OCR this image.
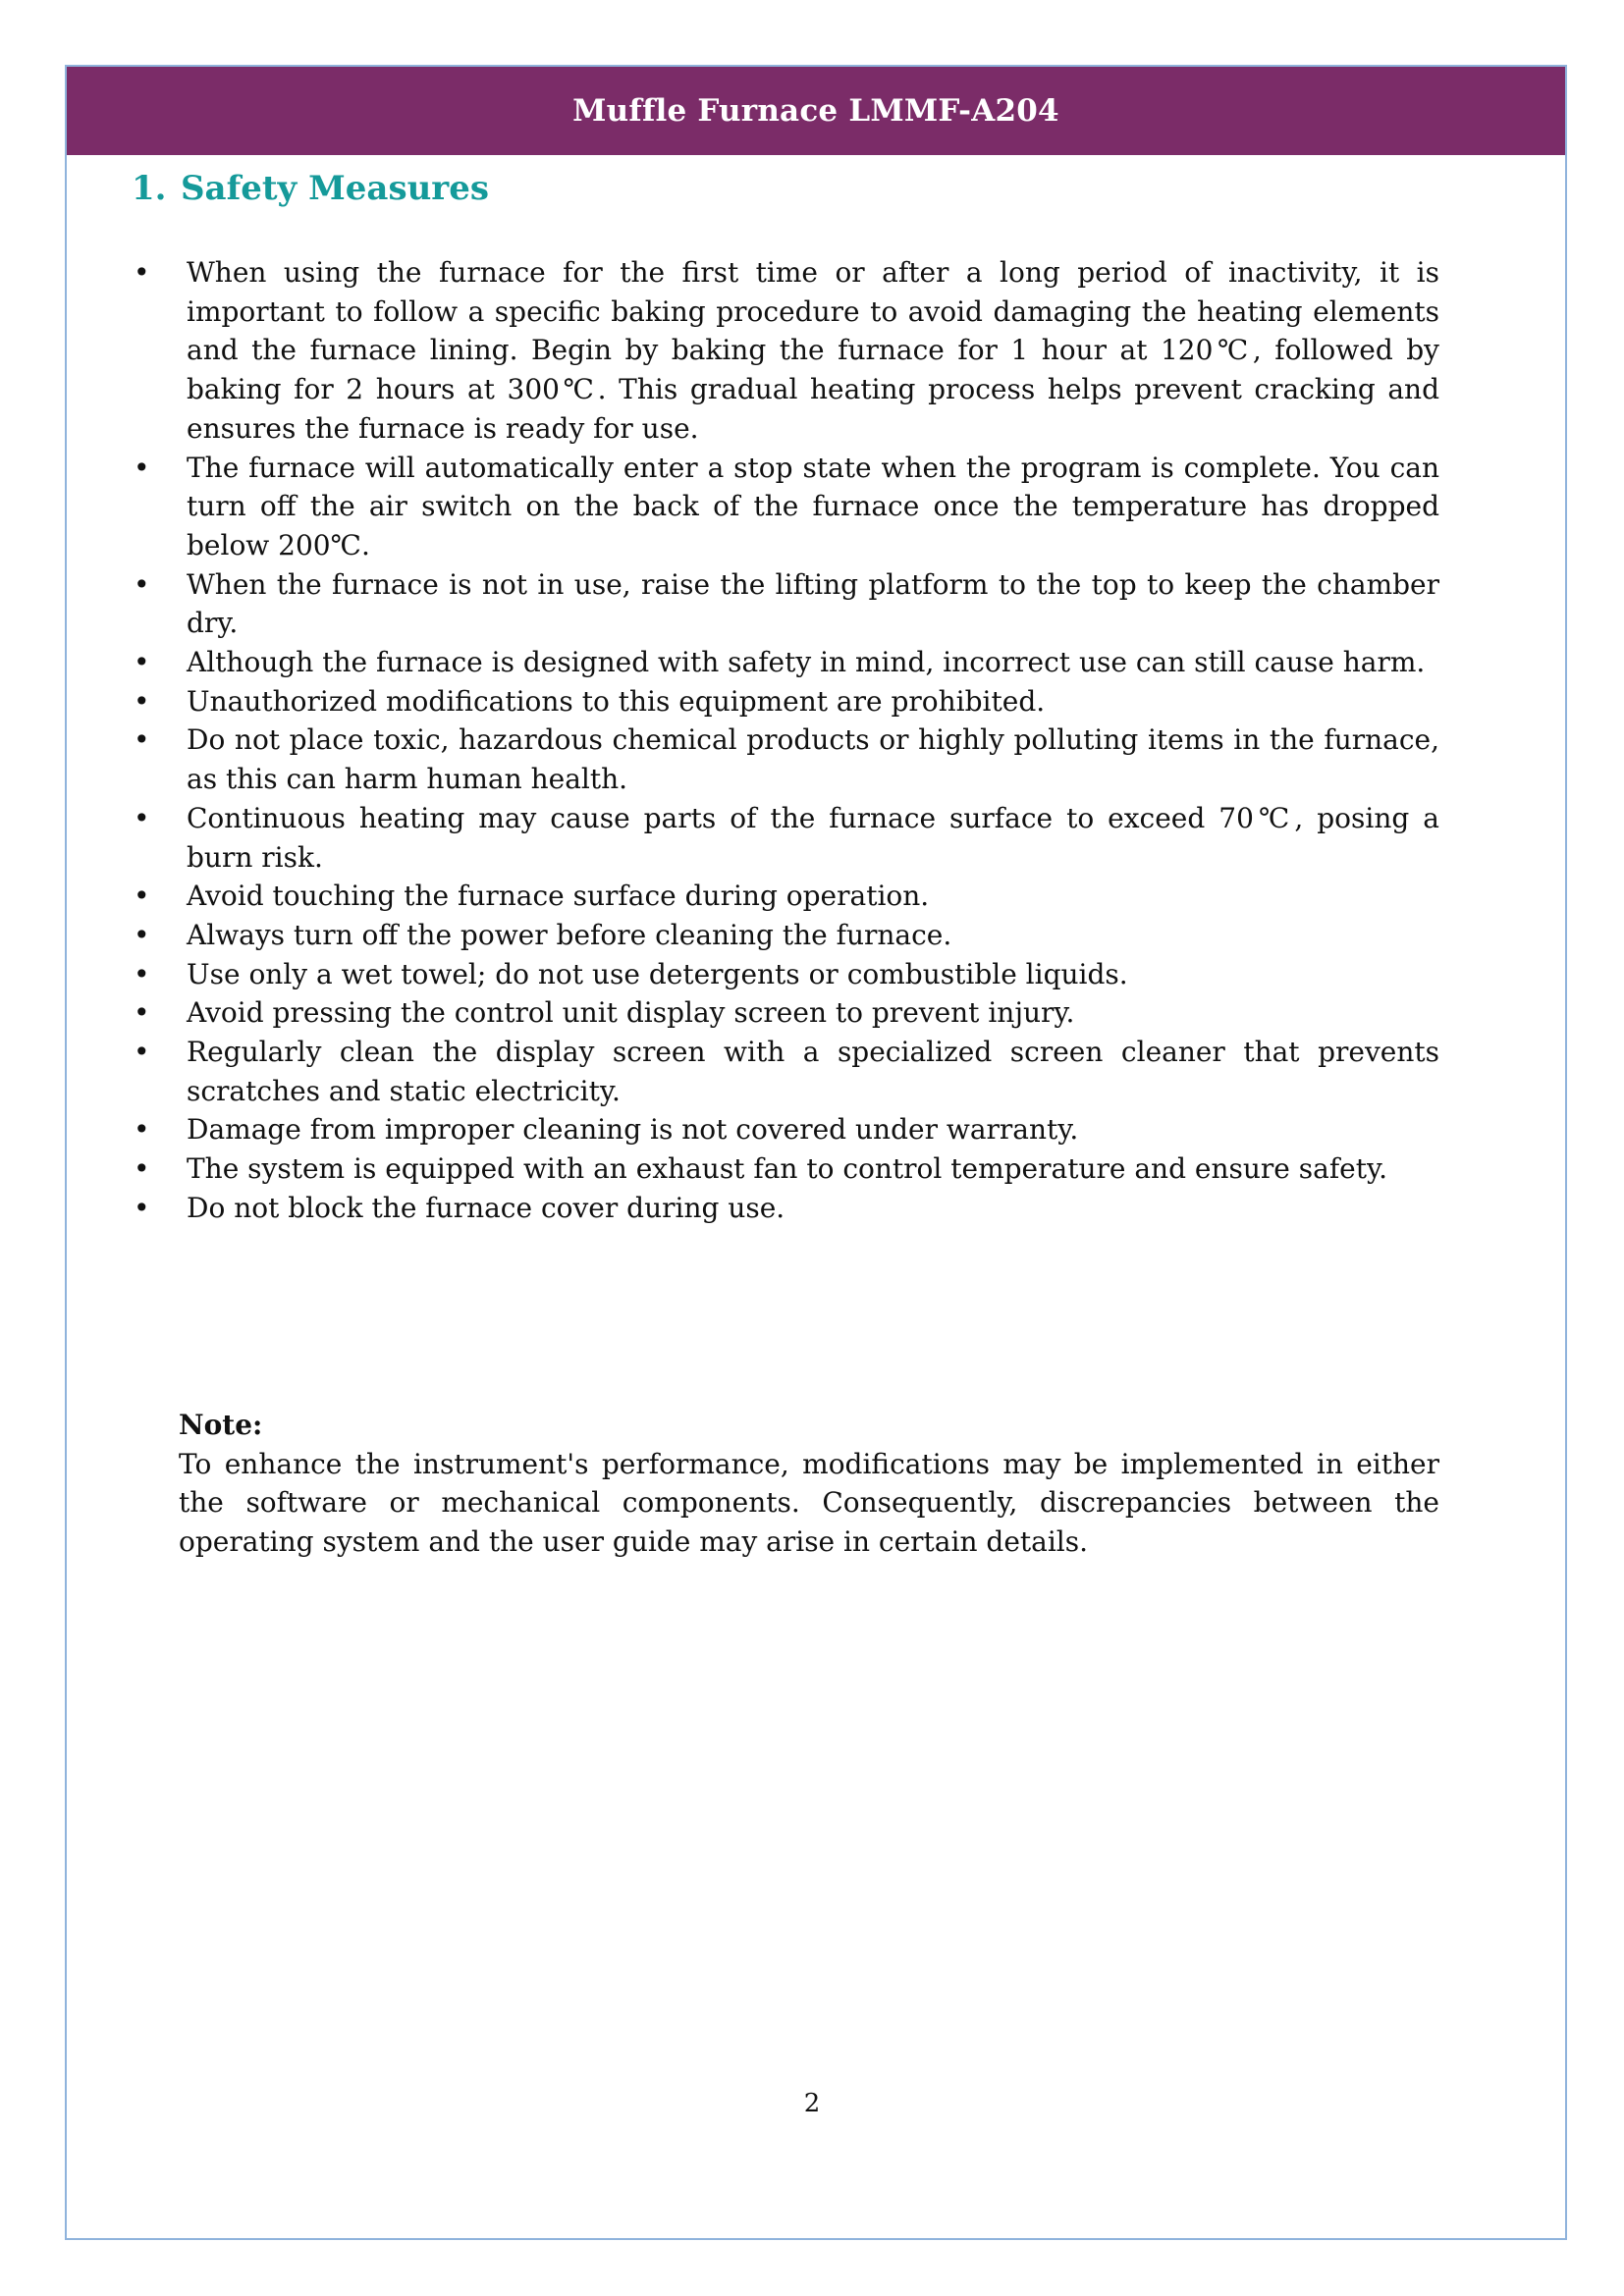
Muffle Furnace LMMF-A204
1. Safety Measures
•	When using the furnace for the first time or after a long period of inactivity, it is important to follow a specific baking procedure to avoid damaging the heating elements and the furnace lining. Begin by baking the furnace for 1 hour at 120℃, followed by baking for 2 hours at 300℃. This gradual heating process helps prevent cracking and ensures the furnace is ready for use.
•	The furnace will automatically enter a stop state when the program is complete. You can turn off the air switch on the back of the furnace once the temperature has dropped below 200℃.
•	When the furnace is not in use, raise the lifting platform to the top to keep the chamber dry.
•	Although the furnace is designed with safety in mind, incorrect use can still cause harm.
•	Unauthorized modifications to this equipment are prohibited.
•	Do not place toxic, hazardous chemical products or highly polluting items in the furnace, as this can harm human health.
•	Continuous heating may cause parts of the furnace surface to exceed 70℃, posing a burn risk.
•	Avoid touching the furnace surface during operation.
•	Always turn off the power before cleaning the furnace.
•	Use only a wet towel; do not use detergents or combustible liquids.
•	Avoid pressing the control unit display screen to prevent injury.
•	Regularly clean the display screen with a specialized screen cleaner that prevents scratches and static electricity.
•	Damage from improper cleaning is not covered under warranty.
•	The system is equipped with an exhaust fan to control temperature and ensure safety.
•	Do not block the furnace cover during use.

Note:

To enhance the instrument's performance, modifications may be implemented in either the software or mechanical components. Consequently, discrepancies between the operating system and the user guide may arise in certain details.

2
